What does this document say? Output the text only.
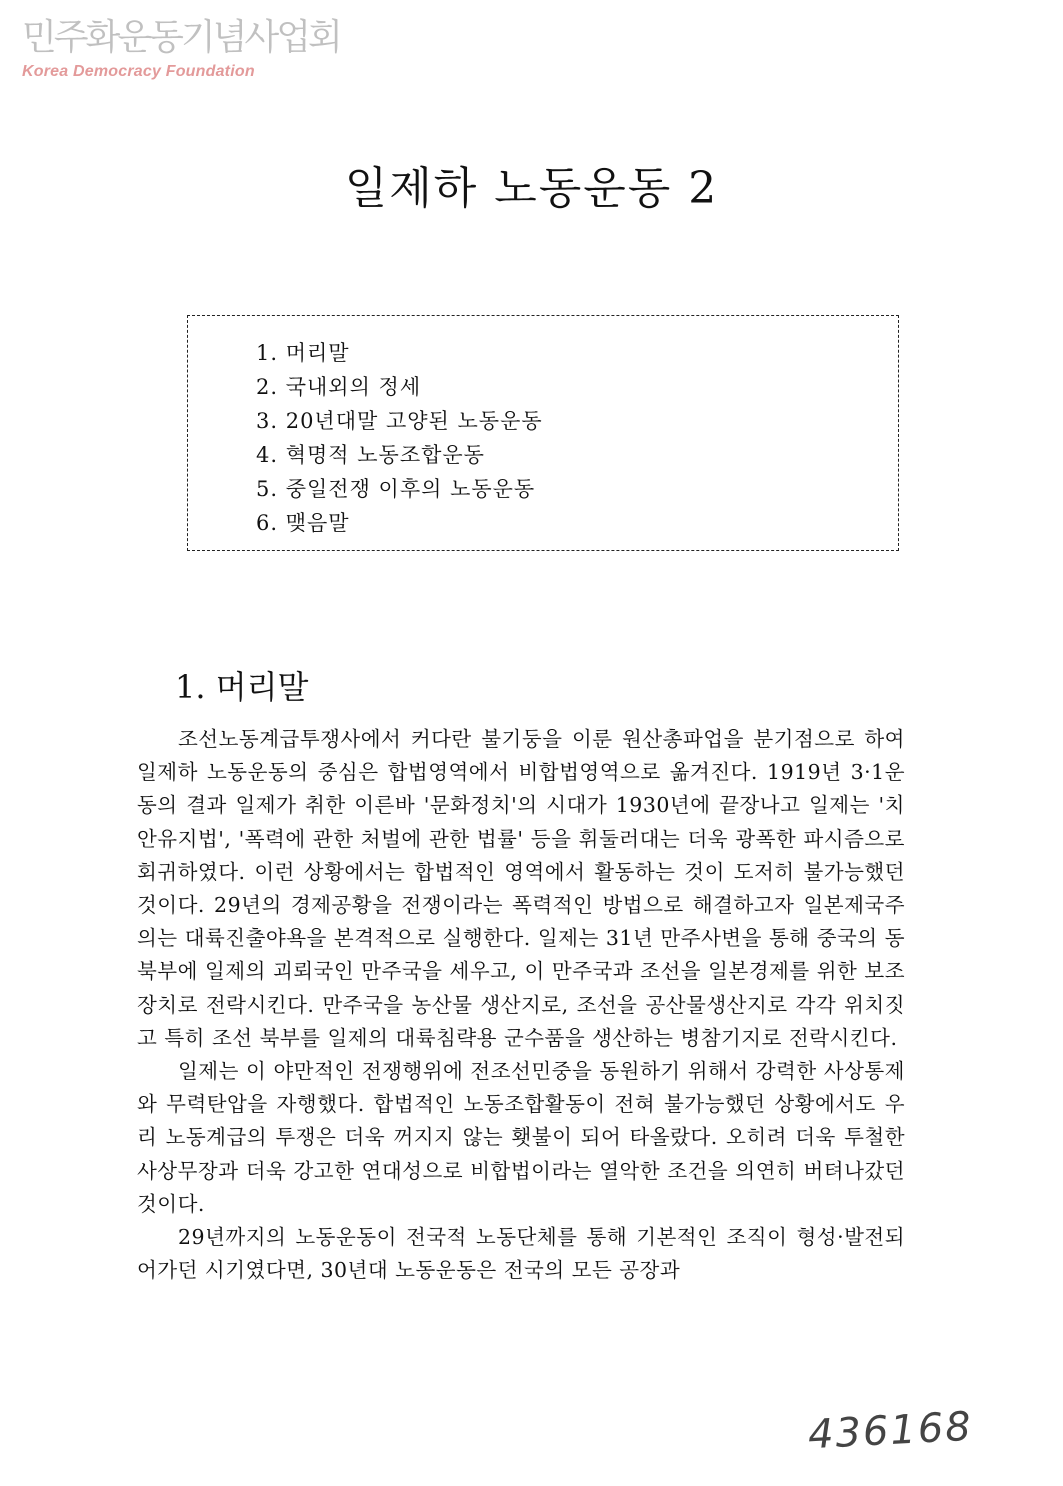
민주화운동기념사업회
Korea Democracy Foundation
일제하 노동운동 2
1. 머리말
2. 국내외의 정세
3. 20년대말 고양된 노동운동
4. 혁명적 노동조합운동
5. 중일전쟁 이후의 노동운동
6. 맺음말
1. 머리말

조선노동계급투쟁사에서 커다란 불기둥을 이룬 원산총파업을 분기점으로 하여 일제하 노동운동의 중심은 합법영역에서 비합법영역으로 옮겨진다. 1919년 3·1운동의 결과 일제가 취한 이른바 '문화정치'의 시대가 1930년에 끝장나고 일제는 '치안유지법', '폭력에 관한 처벌에 관한 법률' 등을 휘둘러대는 더욱 광폭한 파시즘으로 회귀하였다. 이런 상황에서는 합법적인 영역에서 활동하는 것이 도저히 불가능했던 것이다. 29년의 경제공황을 전쟁이라는 폭력적인 방법으로 해결하고자 일본제국주의는 대륙진출야욕을 본격적으로 실행한다. 일제는 31년 만주사변을 통해 중국의 동북부에 일제의 괴뢰국인 만주국을 세우고, 이 만주국과 조선을 일본경제를 위한 보조장치로 전락시킨다. 만주국을 농산물 생산지로, 조선을 공산물생산지로 각각 위치짓고 특히 조선 북부를 일제의 대륙침략용 군수품을 생산하는 병참기지로 전락시킨다.

일제는 이 야만적인 전쟁행위에 전조선민중을 동원하기 위해서 강력한 사상통제와 무력탄압을 자행했다. 합법적인 노동조합활동이 전혀 불가능했던 상황에서도 우리 노동계급의 투쟁은 더욱 꺼지지 않는 횃불이 되어 타올랐다. 오히려 더욱 투철한 사상무장과 더욱 강고한 연대성으로 비합법이라는 열악한 조건을 의연히 버텨나갔던 것이다.

29년까지의 노동운동이 전국적 노동단체를 통해 기본적인 조직이 형성·발전되어가던 시기였다면, 30년대 노동운동은 전국의 모든 공장과

436168
